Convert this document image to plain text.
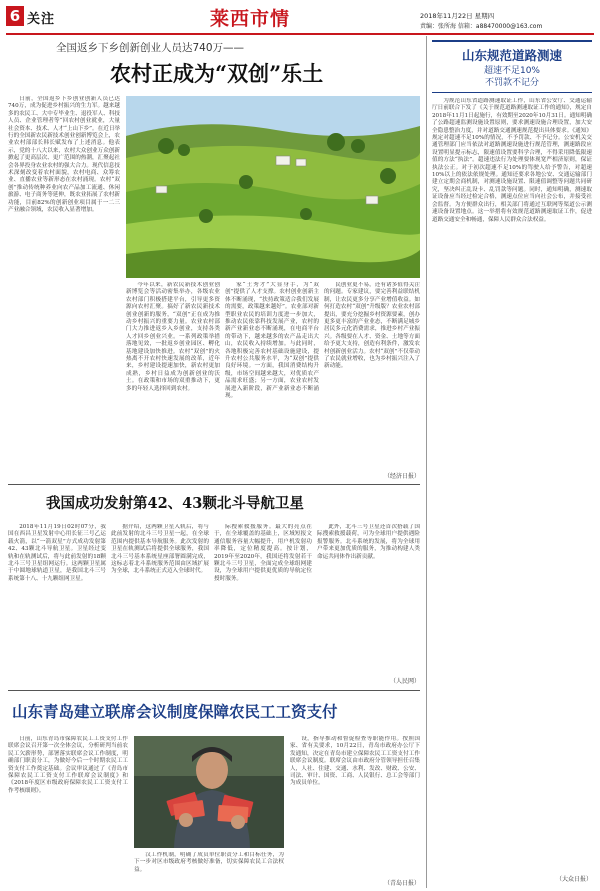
6 关注	莱西市情	2018年11月22日 星期四
责编：张所海 信箱：a88470000@163.com
全国返乡下乡创新创业人员达740万——
农村正成为“双创”乐土

日前，全国返乡下乡创业创新人员已达740万，成为促进乡村振兴的生力军。越来越多的农民工、大中专毕业生、退役军人、科技人员、企业管理者等“回农村创业就业，大量社会资本、技术、人才“上山下乡”。在近日举行的全国新农民新技术创业创新博览会上，农业农村部部长韩长赋发布了上述消息。他表示，党的十八大以来，农村大众创业万众创新掀起了更高层次、更广范围的热潮，汇聚起社会各界投身农业农村的强大合力。现代信息技术深刻改变着农村面貌，农村电商、众筹农业、直播农业等新形态在农村涌现。农村“双创”推动传统种养业向农产品加工流通、休闲旅游、电子商务等延伸，既农业拓展了农村新功能，目前82%的创新创业项目属于一二三产业融合领域，农民收入显著增加。

今年以来，新农民新技术创业创新博览会等活动密集举办，各级农业农村部门积极搭建平台，引导更多资源向农村汇聚。搞好了新农民新技术创业创新的服务，“双创”正在成为推动乡村振兴的重要力量。农业农村部门大力推进返乡入乡创业，支持各类人才回乡创业兴业。一系列政策举措落地见效，一批返乡创业园区、孵化基地建设加快推进。农村“双创”的火热离不开农村快速发展的改革，近年来，乡村建设提速加快，新农村更加成熟，乡村日益成为创新创业的沃土。在政策和市场的双重推动下，更多的年轻人选择回到农村。

家“土秀才”大显身手，为“双创”提供了人才支撑。农村创业创新主体不断涌现，“扶持政策适合我们发展的需要，政策越来越好”。农业部对新型职业农民的培训力度进一步加大，推动农民依靠科技发展产业，农村的新产业新业态不断涌现，在电商平台的带动下，越来越多的农产品走出大山，农民收入持续增加。与此同时，各地积极完善农村基础设施建设，提升农村公共服务水平，为“双创”提供良好环境。一方面，我国消费结构升级，市场空间越来越大，对优质农产品需求旺盛；另一方面，农业农村发展进入新阶段，新产业新业态不断涌现。

民创业更不易，还有诸多值得关注的问题。专家建议，要完善利益联结机制，让农民更多分享产业增值收益。如何打造农村“双创”升级版？农业农村部提出，要充分挖掘乡村资源要素，创办更多更丰富的产业业态，不断满足城乡居民多元化消费需求，推进乡村产业振兴。各级要在人才、资金、土地等方面给予更大支持，创造有利条件，激发农村创新创业活力。农村“双创”不仅带动了农民就业增收，也为乡村振兴注入了新动能。

（经济日报）
我国成功发射第42、43颗北斗导航卫星

2018年11月19日02时07分，我国在西昌卫星发射中心用长征三号乙运载火箭，以“一箭双星”方式成功发射第42、43颗北斗导航卫星。卫星经过变轨和在轨测试后，将与此前发射的18颗北斗三号卫星组网运行。这两颗卫星属于中圆地球轨道卫星，是我国北斗三号系统第十八、十九颗组网卫星。

据介绍，这两颗卫星入轨后，将与此前发射的北斗三号卫星一起，在全球范围内提供基本导航服务。此次发射的卫星在轨测试后将提供全球服务，我国北斗三号基本系统星座部署圆满完成，这标志着北斗系统服务范围由区域扩展为全球，北斗系统正式迈入全球时代。

际搜索救援服务。最大的亮点在于，在全球覆盖的基础上，区域短报文通信服务容量大幅提升，用户机发射功率降低，定位精度提高。按计划，2019年至2020年，我国还将发射若干颗北斗三号卫星，全面完成全球组网建设，为全球用户提供更优质的导航定位授时服务。

此外，北斗三号卫星还首次搭载了国际搜索救援载荷，可为全球用户提供遇险报警服务。北斗系统的发展，将为全球用户带来更加优质的服务，为推动构建人类命运共同体作出新贡献。

（人民网）
山东青岛建立联席会议制度保障农民工工资支付

日前，山东青岛市保障农民工工资支付工作联席会议召开第一次全体会议，分析研判当前农民工欠薪形势，部署落实联席会议工作制度，明确部门职责分工，为做好今后一个时期农民工工资支付工作奠定基础。会议审议通过了《青岛市保障农民工工资支付工作联席会议制度》和《2018年度区市级政府保障农民工工资支付工作考核细则》。

汉工作机制，明确了成员单位职责分工和目标任务，为下一步对区市级政府考核做好准备，切实保障农民工合法权益。

设，指导推动和督促检查等职能作用。按照国家、省有关要求，10月22日，青岛市政府办公厅下发通知，决定在青岛市建立保障农民工工资支付工作联席会议制度。联席会议由市政府分管领导担任召集人，人社、住建、交通、水利、发改、财政、公安、司法、审计、国资、工商、人民银行、总工会等部门为成员单位。

（青岛日报）
山东规范道路测速
超速不足10%
不罚款不记分

为规范山东省道路测速取证工作，山东省公安厅、交通运输厅日前联合下发了《关于规范道路测速取证工作的通知》，规定自2018年11月1日起施行，有效期至2020年10月31日。通知明确了公路超速监测设施设置原则，要求测速设施合理设置，加大安全隐患整治力度，并对道路交通测速规范提出具体要求。《通知》规定对超速不足10%的情况，不予罚款、不予记分。公安机关交通管理部门应当依法对道路测速设施进行规范管理，测速路段应设置明显提示标志，限速值设置要科学合理，不得采用降低限速值的方法“执法”。超速违法行为处理要体现宽严相济原则，保证执法公正。对于初次超速不足10%的驾驶人给予警告，对超速10%以上的依法依规处理。通知还要求各地公安、交通运输部门建立定期会商机制，对测速设施设置、限速值调整等问题共同研究，坚决纠正乱设卡、乱罚款等问题。同时，通知明确，测速取证设备应当经过检定合格，测速点位应当向社会公布，并接受社会监督。为方便群众出行，相关部门将通过互联网等渠道公示测速设备设置地点。这一举措将有效规范道路测速取证工作，促进道路交通安全和畅通，保障人民群众合法权益。

（大众日报）
